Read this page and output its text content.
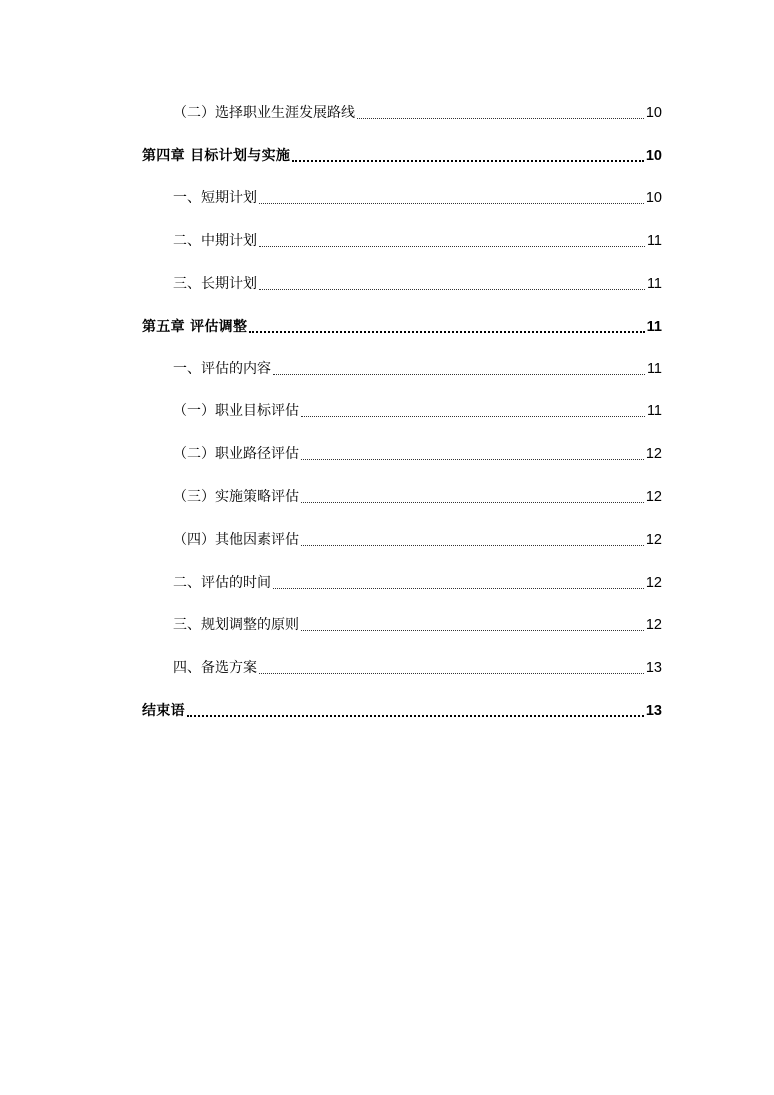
（二）选择职业生涯发展路线	10
第四章 目标计划与实施	10
一、短期计划	10
二、中期计划	11
三、长期计划	11
第五章 评估调整	11
一、评估的内容	11
（一）职业目标评估	11
（二）职业路径评估	12
（三）实施策略评估	12
（四）其他因素评估	12
二、评估的时间	12
三、规划调整的原则	12
四、备选方案	13
结束语	13
